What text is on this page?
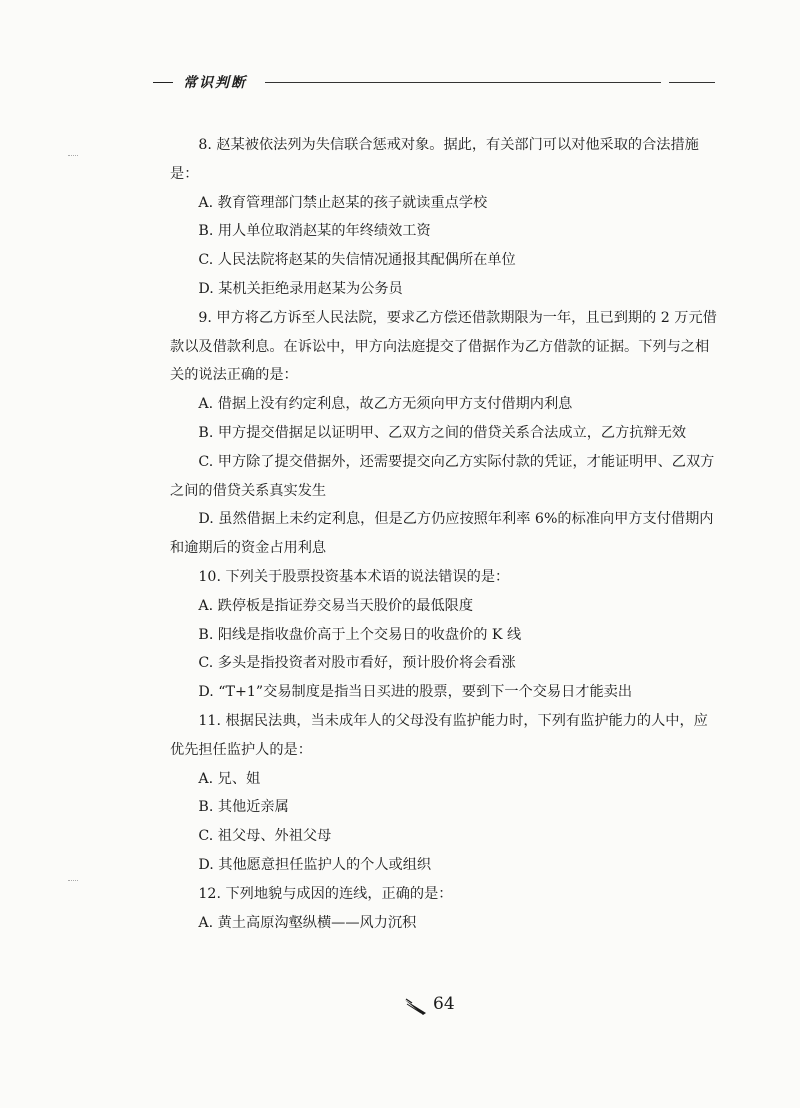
常识判断

8. 赵某被依法列为失信联合惩戒对象。据此，有关部门可以对他采取的合法措施是：

A. 教育管理部门禁止赵某的孩子就读重点学校

B. 用人单位取消赵某的年终绩效工资

C. 人民法院将赵某的失信情况通报其配偶所在单位

D. 某机关拒绝录用赵某为公务员

9. 甲方将乙方诉至人民法院，要求乙方偿还借款期限为一年，且已到期的 2 万元借款以及借款利息。在诉讼中，甲方向法庭提交了借据作为乙方借款的证据。下列与之相关的说法正确的是：

A. 借据上没有约定利息，故乙方无须向甲方支付借期内利息

B. 甲方提交借据足以证明甲、乙双方之间的借贷关系合法成立，乙方抗辩无效

C. 甲方除了提交借据外，还需要提交向乙方实际付款的凭证，才能证明甲、乙双方之间的借贷关系真实发生

D. 虽然借据上未约定利息，但是乙方仍应按照年利率 6%的标准向甲方支付借期内和逾期后的资金占用利息

10. 下列关于股票投资基本术语的说法错误的是：

A. 跌停板是指证券交易当天股价的最低限度

B. 阳线是指收盘价高于上个交易日的收盘价的 K 线

C. 多头是指投资者对股市看好，预计股价将会看涨

D. “T+1”交易制度是指当日买进的股票，要到下一个交易日才能卖出

11. 根据民法典，当未成年人的父母没有监护能力时，下列有监护能力的人中，应优先担任监护人的是：

A. 兄、姐

B. 其他近亲属

C. 祖父母、外祖父母

D. 其他愿意担任监护人的个人或组织

12. 下列地貌与成因的连线，正确的是：

A. 黄土高原沟壑纵横——风力沉积

64
